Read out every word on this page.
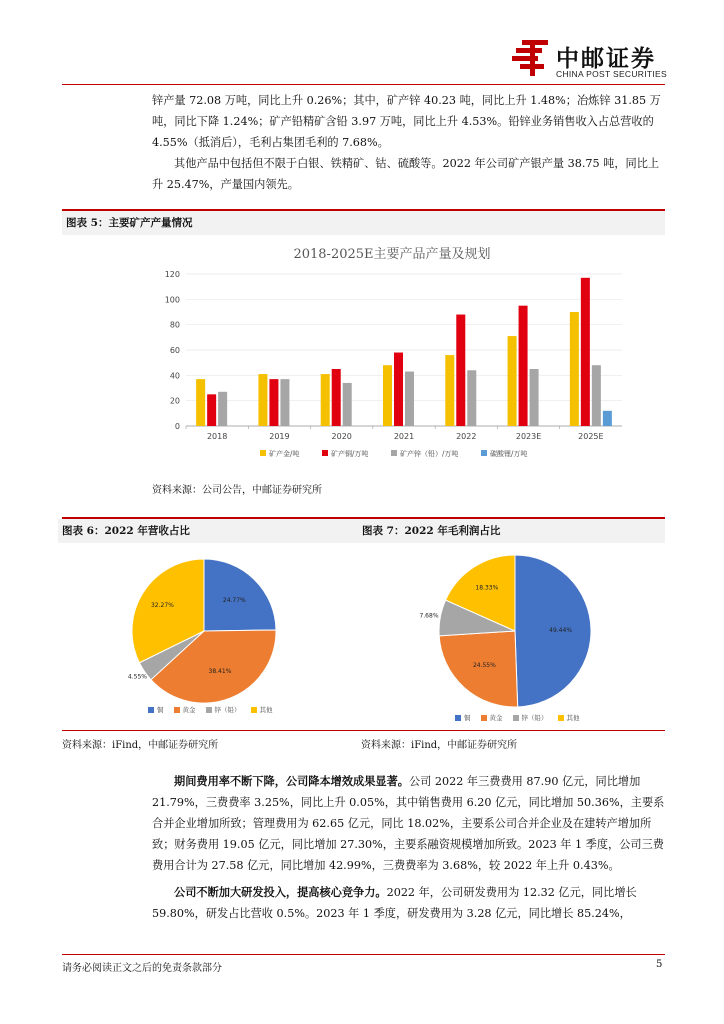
中邮证券
CHINA POST SECURITIES

锌产量 72.08 万吨，同比上升 0.26%；其中，矿产锌 40.23 吨，同比上升 1.48%；冶炼锌 31.85 万吨，同比下降 1.24%；矿产铅精矿含铅 3.97 万吨，同比上升 4.53%。铅锌业务销售收入占总营收的 4.55%（抵消后），毛利占集团毛利的 7.68%。

其他产品中包括但不限于白银、铁精矿、钴、硫酸等。2022 年公司矿产银产量 38.75 吨，同比上升 25.47%，产量国内领先。

图表 5：主要矿产产量情况
2018-2025E主要产品产量及规划
0
20
40
60
80
100
120
2018	2019	2020	2021	2022	2023E	2025E
矿产金/吨	矿产铜/万吨	矿产锌（铅）/万吨	碳酸锂/万吨
资料来源：公司公告，中邮证券研究所
图表 6：2022 年营收占比	图表 7：2022 年毛利润占比
24.77%
38.41%
4.55%
32.27%
49.44%
24.55%
7.68%
18.33%
铜	黄金	锌（铅）	其他
铜	黄金	锌（铅）	其他
资料来源：iFind，中邮证券研究所	资料来源：iFind，中邮证券研究所

期间费用率不断下降，公司降本增效成果显著。公司 2022 年三费费用 87.90 亿元，同比增加 21.79%，三费费率 3.25%，同比上升 0.05%，其中销售费用 6.20 亿元，同比增加 50.36%，主要系合并企业增加所致；管理费用为 62.65 亿元，同比 18.02%，主要系公司合并企业及在建转产增加所致；财务费用 19.05 亿元，同比增加 27.30%，主要系融资规模增加所致。2023 年 1 季度，公司三费费用合计为 27.58 亿元，同比增加 42.99%，三费费率为 3.68%，较 2022 年上升 0.43%。

公司不断加大研发投入，提高核心竞争力。2022 年，公司研发费用为 12.32 亿元，同比增长 59.80%，研发占比营收 0.5%。2023 年 1 季度，研发费用为 3.28 亿元，同比增长 85.24%，

请务必阅读正文之后的免责条款部分	5
